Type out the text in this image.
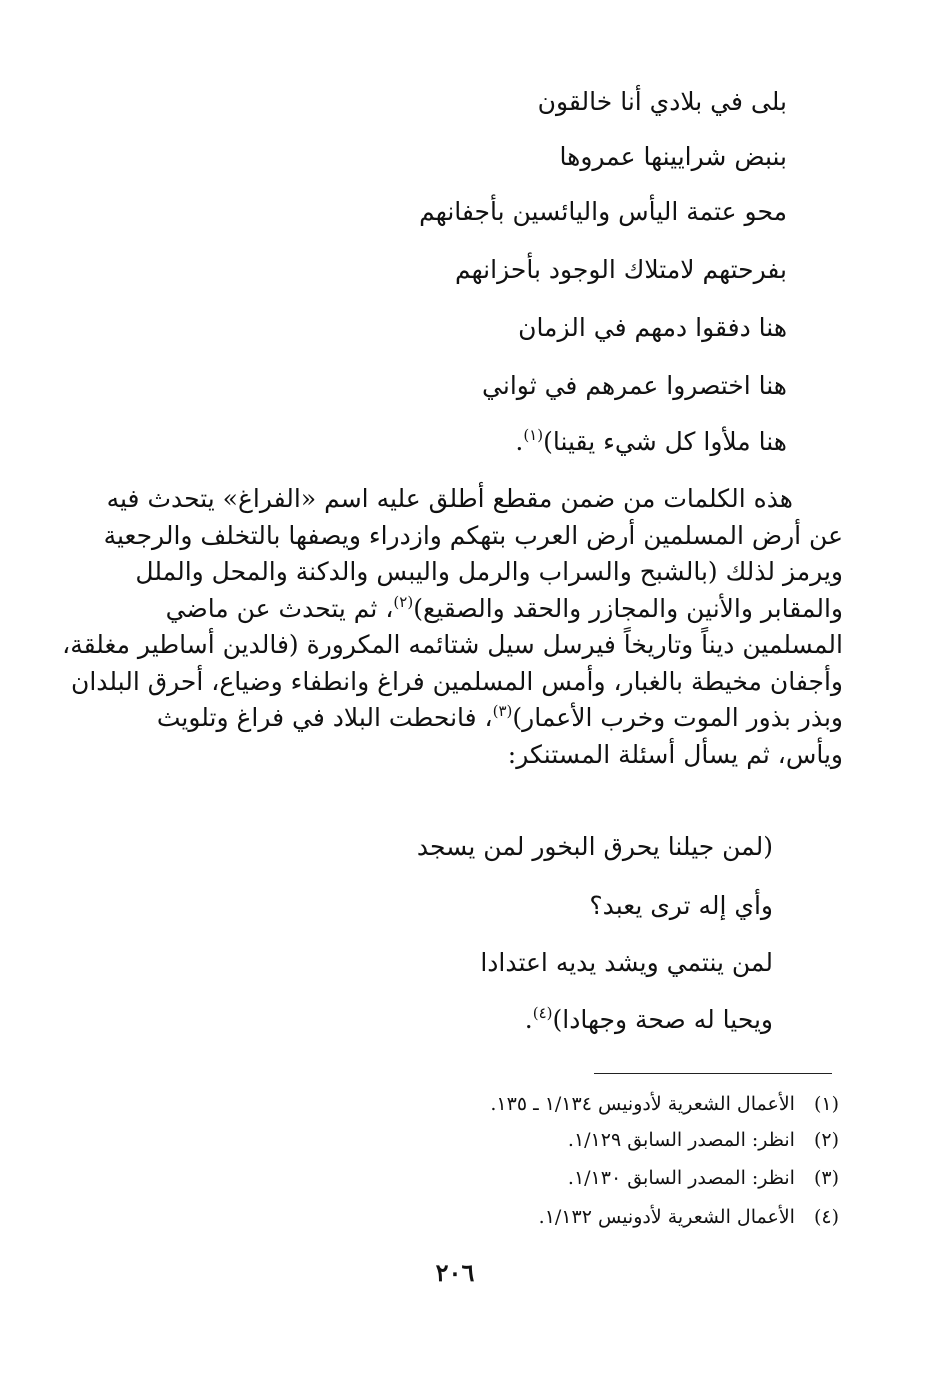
بلى في بلادي أنا خالقون
بنبض شرايينها عمروها
محو عتمة اليأس واليائسين بأجفانهم
بفرحتهم لامتلاك الوجود بأحزانهم
هنا دفقوا دمهم في الزمان
هنا اختصروا عمرهم في ثواني
هنا ملأوا كل شيء يقينا)$^{(١)}$.
هذه الكلمات من ضمن مقطع أطلق عليه اسم «الفراغ» يتحدث فيه
عن أرض المسلمين أرض العرب بتهكم وازدراء ويصفها بالتخلف والرجعية
ويرمز لذلك (بالشبح والسراب والرمل واليبس والدكنة والمحل والملل
والمقابر والأنين والمجازر والحقد والصقيع)$^{(٢)}$، ثم يتحدث عن ماضي
المسلمين ديناً وتاريخاً فيرسل سيل شتائمه المكرورة (فالدين أساطير مغلقة،
وأجفان مخيطة بالغبار، وأمس المسلمين فراغ وانطفاء وضياع، أحرق البلدان
وبذر بذور الموت وخرب الأعمار)$^{(٣)}$، فانحطت البلاد في فراغ وتلويث
ويأس، ثم يسأل أسئلة المستنكر:
(لمن جيلنا يحرق البخور لمن يسجد
وأي إله ترى يعبد؟
لمن ينتمي ويشد يديه اعتدادا
ويحيا له صحة وجهادا)$^{(٤)}$.
(١) الأعمال الشعرية لأدونيس ١/١٣٤ ـ ١٣٥.
(٢) انظر: المصدر السابق ١/١٢٩.
(٣) انظر: المصدر السابق ١/١٣٠.
(٤) الأعمال الشعرية لأدونيس ١/١٣٢.
٢٠٦
